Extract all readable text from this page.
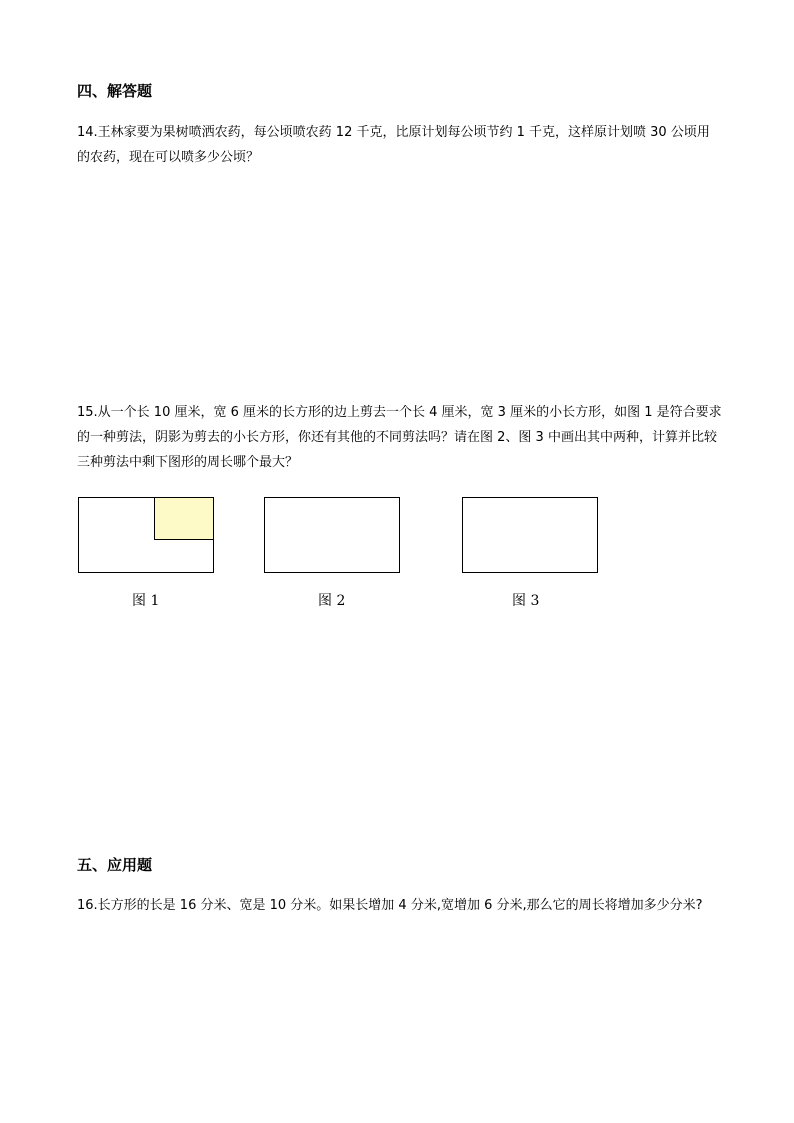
四、解答题

14.王林家要为果树喷洒农药，每公顷喷农药 12 千克，比原计划每公顷节约 1 千克，这样原计划喷 30 公顷用的农药，现在可以喷多少公顷？

15.从一个长 10 厘米，宽 6 厘米的长方形的边上剪去一个长 4 厘米，宽 3 厘米的小长方形，如图 1 是符合要求的一种剪法，阴影为剪去的小长方形，你还有其他的不同剪法吗？请在图 2、图 3 中画出其中两种，计算并比较三种剪法中剩下图形的周长哪个最大？

图 1	图 2	图 3
五、应用题

16.长方形的长是 16 分米、宽是 10 分米。如果长增加 4 分米,宽增加 6 分米,那么它的周长将增加多少分米?
